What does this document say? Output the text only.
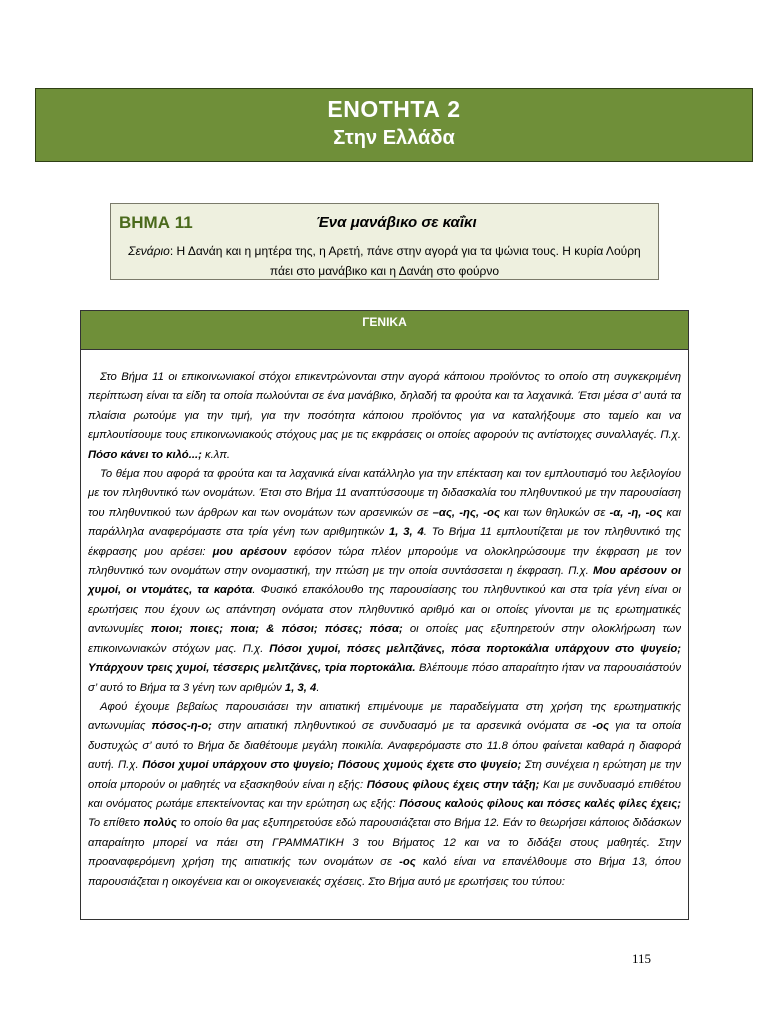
ΕΝΟΤΗΤΑ 2
Στην Ελλάδα
ΒΗΜΑ 11	Ένα μανάβικο σε καΐκι
Σενάριο: Η Δανάη και η μητέρα της, η Αρετή, πάνε στην αγορά για τα ψώνια τους. Η κυρία Λούρη πάει στο μανάβικο και η Δανάη στο φούρνο
ΓΕΝΙΚΑ

Στο Βήμα 11 οι επικοινωνιακοί στόχοι επικεντρώνονται στην αγορά κάποιου προϊόντος το οποίο στη συγκεκριμένη περίπτωση είναι τα είδη τα οποία πωλούνται σε ένα μανάβικο, δηλαδή τα φρούτα και τα λαχανικά. Έτσι μέσα σ’ αυτά τα πλαίσια ρωτούμε για την τιμή, για την ποσότητα κάποιου προϊόντος για να καταλήξουμε στο ταμείο και να εμπλουτίσουμε τους επικοινωνιακούς στόχους μας με τις εκφράσεις οι οποίες αφορούν τις αντίστοιχες συναλλαγές. Π.χ. Πόσο κάνει το κιλό...; κ.λπ.

Το θέμα που αφορά τα φρούτα και τα λαχανικά είναι κατάλληλο για την επέκταση και τον εμπλουτισμό του λεξιλογίου με τον πληθυντικό των ονομάτων. Έτσι στο Βήμα 11 αναπτύσσουμε τη διδασκαλία του πληθυντικού με την παρουσίαση του πληθυντικού των άρθρων και των ονομάτων των αρσενικών σε –ας, -ης, -ος και των θηλυκών σε -α, -η, -ος και παράλληλα αναφερόμαστε στα τρία γένη των αριθμητικών 1, 3, 4. Το Βήμα 11 εμπλουτίζεται με τον πληθυντικό της έκφρασης μου αρέσει: μου αρέσουν εφόσον τώρα πλέον μπορούμε να ολοκληρώσουμε την έκφραση με τον πληθυντικό των ονομάτων στην ονομαστική, την πτώση με την οποία συντάσσεται η έκφραση. Π.χ. Μου αρέσουν οι χυμοί, οι ντομάτες, τα καρότα. Φυσικό επακόλουθο της παρουσίασης του πληθυντικού και στα τρία γένη είναι οι ερωτήσεις που έχουν ως απάντηση ονόματα στον πληθυντικό αριθμό και οι οποίες γίνονται με τις ερωτηματικές αντωνυμίες ποιοι; ποιες; ποια; & πόσοι; πόσες; πόσα; οι οποίες μας εξυπηρετούν στην ολοκλήρωση των επικοινωνιακών στόχων μας. Π.χ. Πόσοι χυμοί, πόσες μελιτζάνες, πόσα πορτοκάλια υπάρχουν στο ψυγείο; Υπάρχουν τρεις χυμοί, τέσσερις μελιτζάνες, τρία πορτοκάλια. Βλέπουμε πόσο απαραίτητο ήταν να παρουσιάστούν σ’ αυτό το Βήμα τα 3 γένη των αριθμών 1, 3, 4.

Αφού έχουμε βεβαίως παρουσιάσει την αιτιατική επιμένουμε με παραδείγματα στη χρήση της ερωτηματικής αντωνυμίας πόσος-η-ο; στην αιτιατική πληθυντικού σε συνδυασμό με τα αρσενικά ονόματα σε -ος για τα οποία δυστυχώς σ’ αυτό το Βήμα δε διαθέτουμε μεγάλη ποικιλία. Αναφερόμαστε στο 11.8 όπου φαίνεται καθαρά η διαφορά αυτή. Π.χ. Πόσοι χυμοί υπάρχουν στο ψυγείο; Πόσους χυμούς έχετε στο ψυγείο; Στη συνέχεια η ερώτηση με την οποία μπορούν οι μαθητές να εξασκηθούν είναι η εξής: Πόσους φίλους έχεις στην τάξη; Και με συνδυασμό επιθέτου και ονόματος ρωτάμε επεκτείνοντας και την ερώτηση ως εξής: Πόσους καλούς φίλους και πόσες καλές φίλες έχεις; Το επίθετο πολύς το οποίο θα μας εξυπηρετούσε εδώ παρουσιάζεται στο Βήμα 12. Εάν το θεωρήσει κάποιος διδάσκων απαραίτητο μπορεί να πάει στη ΓΡΑΜΜΑΤΙΚΗ 3 του Βήματος 12 και να το διδάξει στους μαθητές. Στην προαναφερόμενη χρήση της αιτιατικής των ονομάτων σε -ος καλό είναι να επανέλθουμε στο Βήμα 13, όπου παρουσιάζεται η οικογένεια και οι οικογενειακές σχέσεις. Στο Βήμα αυτό με ερωτήσεις του τύπου:

115
